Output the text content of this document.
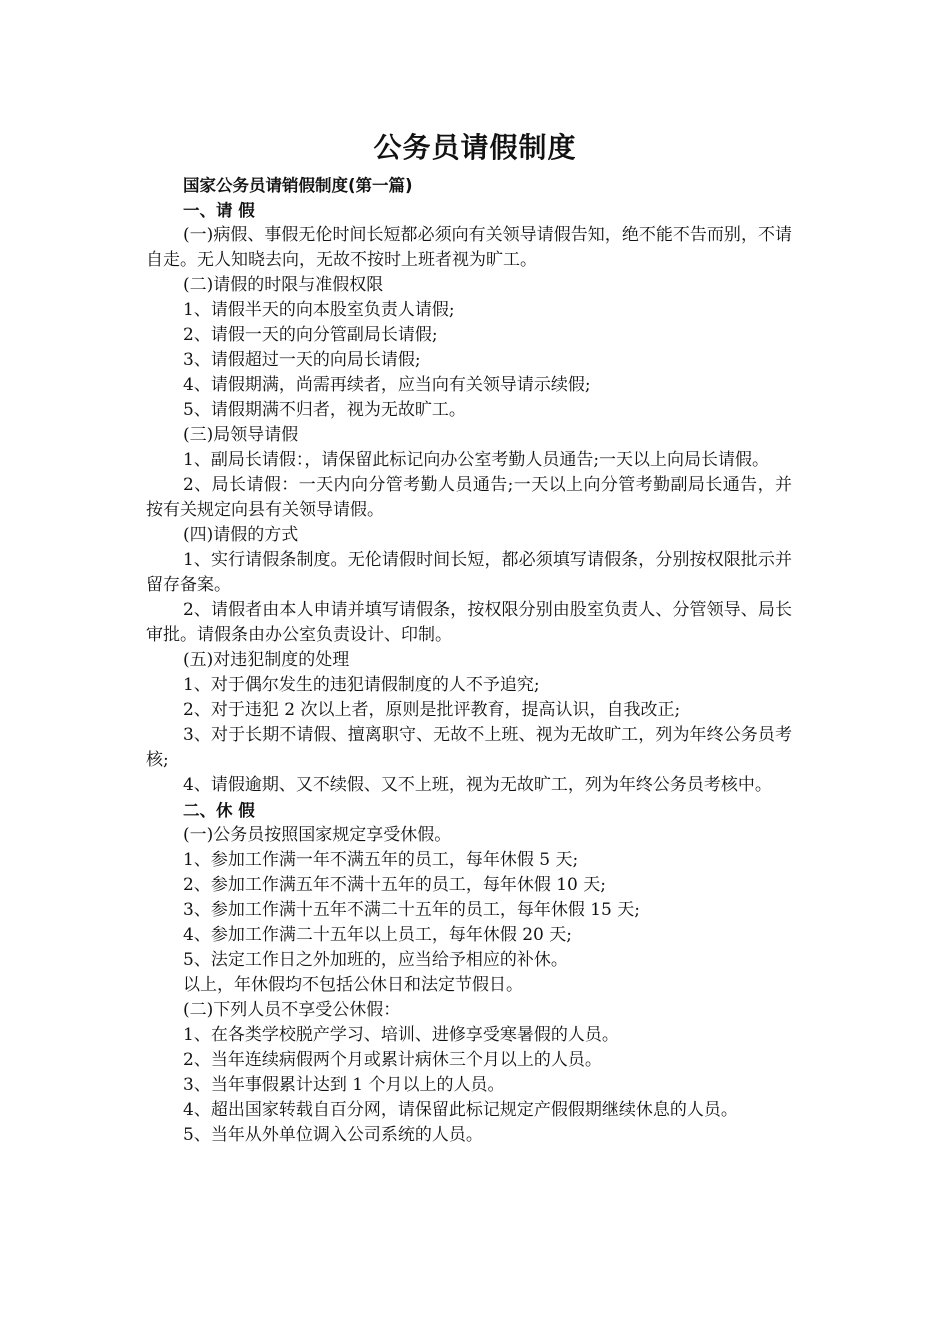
公务员请假制度

国家公务员请销假制度(第一篇)

一、请 假

(一)病假、事假无伦时间长短都必须向有关领导请假告知，绝不能不告而别，不请自走。无人知晓去向，无故不按时上班者视为旷工。

(二)请假的时限与准假权限

1、请假半天的向本股室负责人请假;

2、请假一天的向分管副局长请假;

3、请假超过一天的向局长请假;

4、请假期满，尚需再续者，应当向有关领导请示续假;

5、请假期满不归者，视为无故旷工。

(三)局领导请假

1、副局长请假：，请保留此标记向办公室考勤人员通告;一天以上向局长请假。

2、局长请假：一天内向分管考勤人员通告;一天以上向分管考勤副局长通告，并按有关规定向县有关领导请假。

(四)请假的方式

1、实行请假条制度。无伦请假时间长短，都必须填写请假条，分别按权限批示并留存备案。

2、请假者由本人申请并填写请假条，按权限分别由股室负责人、分管领导、局长审批。请假条由办公室负责设计、印制。

(五)对违犯制度的处理

1、对于偶尔发生的违犯请假制度的人不予追究;

2、对于违犯 2 次以上者，原则是批评教育，提高认识，自我改正;

3、对于长期不请假、擅离职守、无故不上班、视为无故旷工，列为年终公务员考核;

4、请假逾期、又不续假、又不上班，视为无故旷工，列为年终公务员考核中。

二、休 假

(一)公务员按照国家规定享受休假。

1、参加工作满一年不满五年的员工，每年休假 5 天;

2、参加工作满五年不满十五年的员工，每年休假 10 天;

3、参加工作满十五年不满二十五年的员工，每年休假 15 天;

4、参加工作满二十五年以上员工，每年休假 20 天;

5、法定工作日之外加班的，应当给予相应的补休。

以上，年休假均不包括公休日和法定节假日。

(二)下列人员不享受公休假：

1、在各类学校脱产学习、培训、进修享受寒暑假的人员。

2、当年连续病假两个月或累计病休三个月以上的人员。

3、当年事假累计达到 1 个月以上的人员。

4、超出国家转载自百分网，请保留此标记规定产假假期继续休息的人员。

5、当年从外单位调入公司系统的人员。
